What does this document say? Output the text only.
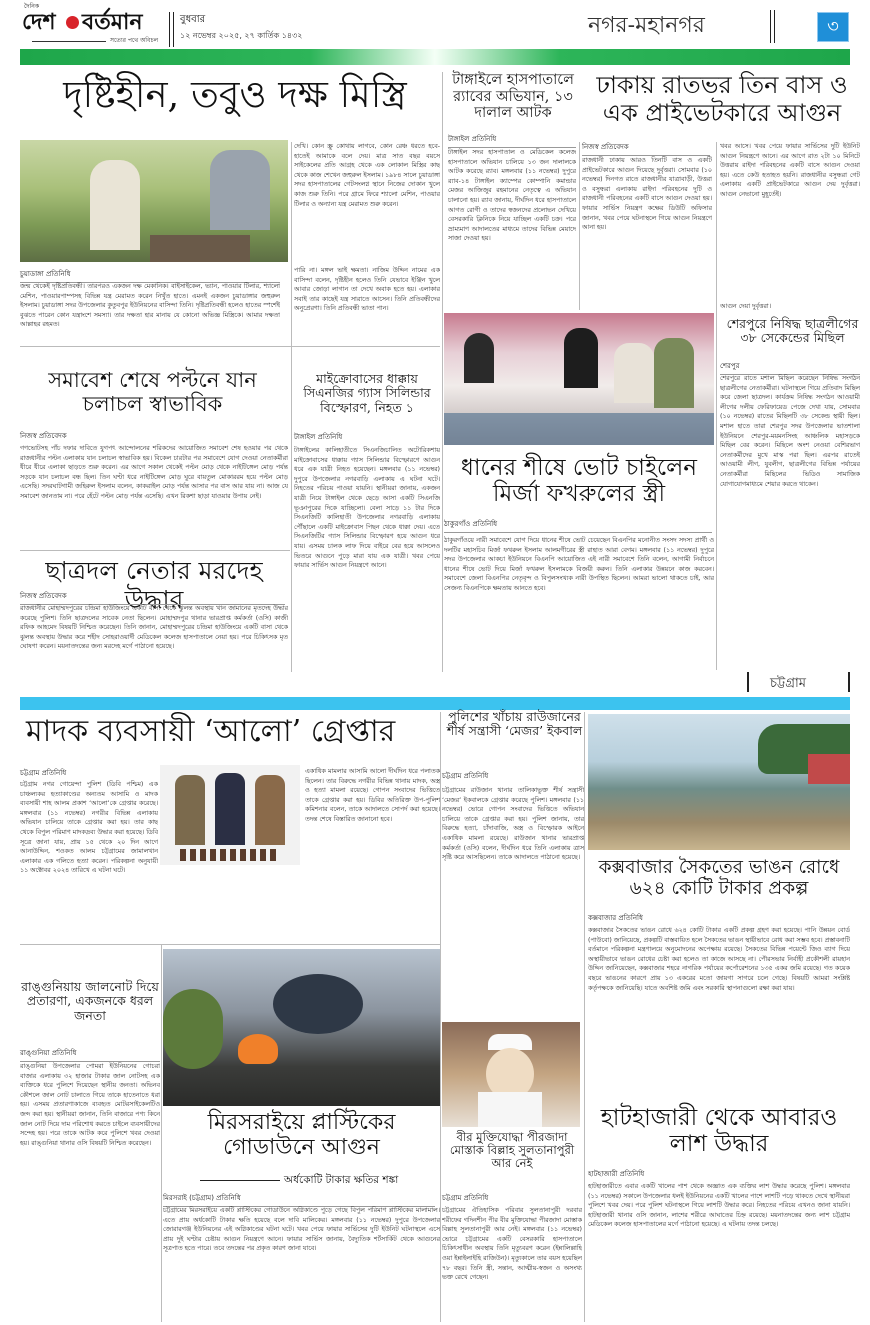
দৈনিক
দেশ বর্তমান
সত্যের পথে অবিচল
বুধবার
১২ নভেম্বর ২০২৫, ২৭ কার্তিক ১৪৩২	নগর-মহানগর	৩
দৃষ্টিহীন, তবুও দক্ষ মিস্ত্রি
চুয়াডাঙ্গা প্রতিনিধি
জন্ম থেকেই দৃষ্টিপ্রতিবন্ধী। তারপরও একজন দক্ষ মেকানিক। বাইসাইকেল, ভ্যান, পাওয়ার টিলার, শ্যালো মেশিন, পাওয়ারপাম্পসহ বিভিন্ন যন্ত্র মেরামত করেন নিখুঁত হাতে। এমনই একজন চুয়াডাঙ্গার জহুরুল ইসলাম। চুয়াডাঙ্গা সদর উপজেলার কুতুবপুর ইউনিয়নের বাসিন্দা তিনি। দৃষ্টিপ্রতিবন্ধী হলেও হাতের স্পর্শেই বুঝতে পারেন কোন যন্ত্রাংশে সমস্যা। তার দক্ষতা হার মানায় যে কোনো অভিজ্ঞ মিস্ত্রিকে। আমার দক্ষতা আল্লাহর রহমত।
দেখি। কোন স্ক্রু কোথায় লাগবে, কোন রেঞ্চ ধরতে হবে-হাতেই আমাকে বলে দেয়। মাত্র সাত বছর বয়সে সাইকেলের প্রতি আগ্রহ থেকে এক লোকাল মিস্ত্রির কাছ থেকে কাজ শেখেন জহুরুল ইসলাম। ১৯৮৪ সালে চুয়াডাঙ্গা সদর হাসপাতালের গেটসংলগ্ন স্থানে নিজের দোকান খুলে কাজ শুরু তিনি। পরে গ্রামে ফিরে শ্যালো মেশিন, পাওয়ার টিলার ও অন্যান্য যন্ত্র মেরামত শুরু করেন।
পারি না। মঙ্গল ভাই ক্ষমতা। নাজিম উদ্দিন নামের এক বাসিন্দা বলেন, দৃষ্টিহীন হলেও তিনি যেভাবে ইঞ্জিন খুলে আবার জোড়া লাগান তা দেখে অবাক হতে হয়। এলাকার সবাই তার কাছেই যন্ত্র সারাতে আসেন। তিনি প্রতিবন্ধীদের অনুপ্রেরণা। তিনি প্রতিবন্ধী ভাতা পান।
টাঙ্গাইলে হাসপাতালে র‌্যাবের অভিযান, ১৩ দালাল আটক
টাঙ্গাইল প্রতিনিধি
টাঙ্গাইল সদর হাসপাতাল ও মেডিকেল কলেজ হাসপাতালে অভিযান চালিয়ে ১৩ জন দালালকে আটক করেছে র‌্যাব। মঙ্গলবার (১১ নভেম্বর) দুপুরে র‌্যাব-১৪ টাঙ্গাইল ক্যাম্পের কোম্পানি কমান্ডার মেজর আজিজুর রহমানের নেতৃত্বে এ অভিযান চালানো হয়। র‌্যাব জানায়, দীর্ঘদিন ধরে হাসপাতালে আগত রোগী ও তাদের স্বজনদের প্রলোভন দেখিয়ে বেসরকারি ক্লিনিকে নিয়ে যাচ্ছিল একটি চক্র। পরে ভ্রাম্যমাণ আদালতের মাধ্যমে তাদের বিভিন্ন মেয়াদে সাজা দেওয়া হয়।
ঢাকায় রাতভর তিন বাস ও এক প্রাইভেটকারে আগুন
নিজস্ব প্রতিবেদক
রাজধানী ঢাকায় আরও তিনটি বাস ও একটি প্রাইভেটকারে আগুন দিয়েছে দুর্বৃত্তরা। সোমবার (১০ নভেম্বর) দিনগত রাতে রাজধানীর যাত্রাবাড়ী, উত্তরা ও বসুন্ধরা এলাকায় রাইদা পরিবহনের দুটি ও রাজধানী পরিবহনের একটি বাসে আগুন দেওয়া হয়। ফায়ার সার্ভিস নিয়ন্ত্রণ কক্ষের ডিউটি অফিসার জানান, খবর পেয়ে ঘটনাস্থলে গিয়ে আগুন নিয়ন্ত্রণে আনা হয়।
খবর আসে। খবর পেয়ে ফায়ার সার্ভিসের দুটি ইউনিট আগুন নিয়ন্ত্রণে আনে। এর আগে রাত ২টা ১০ মিনিটে উত্তরায় রাইদা পরিবহনের একটি বাসে আগুন দেওয়া হয়। এতে কেউ হতাহত হয়নি। রাজধানীর বসুন্ধরা গেট এলাকায় একটি প্রাইভেটকারে আগুন দেয় দুর্বৃত্তরা। আগুন নেভানো মুহূর্তেই।
আগুন দেয়া দুর্বৃত্তরা।
শেরপুরে নিষিদ্ধ ছাত্রলীগের ৩৮ সেকেন্ডের মিছিল
শেরপুর
শেরপুরে রাতে মশাল মিছিল করেছেন নিষিদ্ধ সংগঠন ছাত্রলীগের নেতাকর্মীরা। ঘটনাস্থলে গিয়ে প্রতিবাদ মিছিল করে জেলা ছাত্রদল। কার্যক্রম নিষিদ্ধ সংগঠন আওয়ামী লীগের দলীয় ফেরিফায়েড পেজে দেখা যায়, সোমবার (১০ নভেম্বর) রাতের মিছিলটি ৩৮ সেকেন্ড স্থায়ী ছিল। মশাল হাতে তারা শেরপুর সদর উপজেলার ভাতশালা ইউনিয়নে শেরপুর-ময়মনসিংহ আঞ্চলিক মহাসড়কে মিছিল বের করেন। মিছিলে অংশ নেওয়া বেশিরভাগ নেতাকর্মীদের মুখে মাস্ক পরা ছিল। এরপর রাতেই আওয়ামী লীগ, যুবলীগ, ছাত্রলীগের বিভিন্ন পর্যায়ের নেতাকর্মীরা মিছিলের ভিডিও সামাজিক যোগাযোগমাধ্যমে শেয়ার করতে থাকেন।
সমাবেশ শেষে পল্টনে যান চলাচল স্বাভাবিক
নিজস্ব প্রতিবেদক
গণভোটসহ পাঁচ দফার দাবিতে যুগপৎ আন্দোলনের শরিকদের আয়োজিত সমাবেশ শেষ হওয়ার পর থেকে রাজধানীর পল্টন এলাকায় যান চলাচল স্বাভাবিক হয়। বিকেল চারটার পর সমাবেশে যোগ দেওয়া নেতাকর্মীরা ধীরে ধীরে এলাকা ছাড়তে শুরু করেন। এর আগে সকাল থেকেই পল্টন মোড় থেকে নাইটিঙ্গেল মোড় পর্যন্ত সড়কে যান চলাচল বন্ধ ছিল। তিন ঘণ্টা ধরে নাইটিঙ্গেল মোড় ঘুরে বায়তুল মোকাররম হয়ে পল্টন মোড় এসেছি। সদরঘাটগামী জহিরুল ইসলাম বলেন, কাকরাইল মোড় পর্যন্ত আসার পর বাস আর যায় না। আজ যে সমাবেশ জানতাম না। পরে হেঁটে পল্টন মোড় পর্যন্ত এসেছি। এখন রিকশা ছাড়া যাওয়ার উপায় নেই।
মাইক্রোবাসের ধাক্কায় সিএনজির গ্যাস সিলিন্ডার বিস্ফোরণ, নিহত ১
টাঙ্গাইল প্রতিনিধি
টাঙ্গাইলের কালিহাতীতে সিএনজিচালিত অটোরিকশায় মাইক্রোবাসের ধাক্কায় গ্যাস সিলিন্ডার বিস্ফোরণে আগুন ধরে এক যাত্রী নিহত হয়েছেন। মঙ্গলবার (১১ নভেম্বর) দুপুরে উপজেলার নগরবাড়ি এলাকায় এ ঘটনা ঘটে। নিহতের পরিচয় পাওয়া যায়নি। স্থানীয়রা জানায়, একজন যাত্রী নিয়ে টাঙ্গাইল থেকে ছেড়ে আসা একটি সিএনজি ভূঞাপুরের দিকে যাচ্ছিলো। বেলা সাড়ে ১১ টার দিকে সিএনজিটি কালিহাতী উপজেলার নগরবাড়ি এলাকায় পৌঁছালে একটি মাইক্রোবাস পিছন থেকে ধাক্কা দেয়। এতে সিএনজিটির গ্যাস সিলিন্ডার বিস্ফোরণ হয়ে আগুন ধরে যায়। এসময় চালক লাফ দিয়ে বাইরে বের হয়ে আসলেও ভিতরে আগুনে পুড়ে মারা যায় এক যাত্রী। খবর পেয়ে ফায়ার সার্ভিস আগুন নিয়ন্ত্রণে আনে।
ছাত্রদল নেতার মরদেহ উদ্ধার
নিজস্ব প্রতিবেদক
রাজধানীর মোহাম্মদপুরের চন্দ্রিমা হাউজিংয়ে একটি বাসা থেকে ঝুলন্ত অবস্থায় খান জামানের মৃতদেহ উদ্ধার করেছে পুলিশ। তিনি ছাত্রদলের সাবেক নেতা ছিলেন। মোহাম্মদপুর থানার ভারপ্রাপ্ত কর্মকর্তা (ওসি) কাজী রফিক আহমেদ বিষয়টি নিশ্চিত করেছেন। তিনি জানান, মোহাম্মদপুরের চন্দ্রিমা হাউজিংয়ে একটি বাসা থেকে ঝুলন্ত অবস্থায় উদ্ধার করে শহীদ সোহরাওয়ার্দী মেডিকেল কলেজ হাসপাতালে নেয়া হয়। পরে চিকিৎসক মৃত ঘোষণা করেন। ময়নাতদন্তের জন্য মরদেহ মর্গে পাঠানো হয়েছে।
ধানের শীষে ভোট চাইলেন মির্জা ফখরুলের স্ত্রী
ঠাকুরগাঁও প্রতিনিধি
ঠাকুরগাঁওয়ে নারী সমাবেশে যোগ দিয়ে ধানের শীষে ভোট চেয়েছেন বিএনপির মনোনীত সংসদ সদস্য প্রার্থী ও দলটির মহাসচিব মির্জা ফখরুল ইসলাম আলমগীরের স্ত্রী রাহাত আরা বেগম। মঙ্গলবার (১১ নভেম্বর) দুপুরে সদর উপজেলার আকচা ইউনিয়নে বিএনপি আয়োজিত এই নারী সমাবেশে তিনি বলেন, আগামী নির্বাচনে ধানের শীষে ভোট দিয়ে মির্জা ফখরুল ইসলামকে বিজয়ী করুন। তিনি এলাকার উন্নয়নে কাজ করবেন। সমাবেশে জেলা বিএনপির নেতৃবৃন্দ ও বিপুলসংখ্যক নারী উপস্থিত ছিলেন। আমরা ভালো থাকতে চাই, আর সেজন্য বিএনপিকে ক্ষমতায় আনতে হবে।
চট্টগ্রাম
মাদক ব্যবসায়ী ‘আলো’ গ্রেপ্তার
চট্টগ্রাম প্রতিনিধি
চট্টগ্রাম নগর গোয়েন্দা পুলিশ (ডিবি পশ্চিম) এক চাঞ্চল্যকর হত্যাকাণ্ডের অন্যতম আসামি ও মাদক ব্যবসায়ী শাহ আলম প্রকাশ ‘আলো’কে গ্রেপ্তার করেছে। মঙ্গলবার (১১ নভেম্বর) নগরীর বিভিন্ন এলাকায় অভিযান চালিয়ে তাকে গ্রেপ্তার করা হয়। তার কাছ থেকে বিপুল পরিমাণ মাদকদ্রব্য উদ্ধার করা হয়েছে। ডিবি সূত্রে জানা যায়, প্রায় ১৫ থেকে ২০ দিন আগে আনাউদ্দিন, শওকত আলম চট্টগ্রামের জামালখান এলাকার এক গলিতে হত্যা করেন। পরিকল্পনা অনুযায়ী ১১ অক্টোবর ২০২৪ তারিখে এ ঘটনা ঘটে।
একাধিক মামলার আসামি আলো দীর্ঘদিন ধরে পলাতক ছিলেন। তার বিরুদ্ধে নগরীর বিভিন্ন থানায় মাদক, অস্ত্র ও হত্যা মামলা রয়েছে। গোপন সংবাদের ভিত্তিতে তাকে গ্রেপ্তার করা হয়। ডিবির অতিরিক্ত উপ-পুলিশ কমিশনার বলেন, তাকে আদালতে সোপর্দ করা হয়েছে। তদন্ত শেষে বিস্তারিত জানানো হবে।
পুলিশের খাঁচায় রাউজানের শীর্ষ সন্ত্রাসী ‘মেজর’ ইকবাল
চট্টগ্রাম প্রতিনিধি
চট্টগ্রামের রাউজান থানার তালিকাভুক্ত শীর্ষ সন্ত্রাসী ‘মেজর’ ইকবালকে গ্রেপ্তার করেছে পুলিশ। মঙ্গলবার (১১ নভেম্বর) ভোরে গোপন সংবাদের ভিত্তিতে অভিযান চালিয়ে তাকে গ্রেপ্তার করা হয়। পুলিশ জানায়, তার বিরুদ্ধে হত্যা, চাঁদাবাজি, অস্ত্র ও বিস্ফোরক আইনে একাধিক মামলা রয়েছে। রাউজান থানার ভারপ্রাপ্ত কর্মকর্তা (ওসি) বলেন, দীর্ঘদিন ধরে তিনি এলাকায় ত্রাস সৃষ্টি করে আসছিলেন। তাকে আদালতে পাঠানো হয়েছে।	কক্সবাজার সৈকতের ভাঙন রোধে ৬২৪ কোটি টাকার প্রকল্প
কক্সবাজার প্রতিনিধি
কক্সবাজার সৈকতের ভাঙন রোধে ৬২৪ কোটি টাকার একটি প্রকল্প গ্রহণ করা হয়েছে। পানি উন্নয়ন বোর্ড (পাউবো) জানিয়েছে, প্রকল্পটি বাস্তবায়িত হলে সৈকতের ভাঙন স্থায়ীভাবে রোধ করা সম্ভব হবে। প্রস্তাবনাটি বর্তমানে পরিকল্পনা মন্ত্রণালয়ে অনুমোদনের অপেক্ষায় রয়েছে। সৈকতের বিভিন্ন পয়েন্টে জিও ব্যাগ দিয়ে অস্থায়ীভাবে ভাঙন রোধের চেষ্টা করা হলেও তা কাজে আসছে না। পৌরসভার নির্বাহী প্রকৌশলী রায়হান উদ্দিন জানিয়েছেন, কক্সবাজার শহরে নাগরিক পর্যায়ের কর্পোরেশনের ১৩৫ একর জমি রয়েছে। গত কয়েক বছরে ভাঙনের কারণে প্রায় ১৩ একরের মতো জায়গা সাগরে চলে গেছে। বিষয়টি আমরা সংশ্লিষ্ট কর্তৃপক্ষকে জানিয়েছি। যাতে অবশিষ্ট জমি এবং সরকারি স্থাপনাগুলো রক্ষা করা যায়।
রাঙ্গুনিয়ায় জালনোট দিয়ে প্রতারণা, একজনকে ধরল জনতা
রাঙ্গুনিয়া প্রতিনিধি
রাঙ্গুনিয়া উপজেলার পোমরা ইউনিয়নের গোচরা বাজার এলাকায় ৩২ হাজার টাকার জাল নোটসহ এক ব্যক্তিকে ধরে পুলিশে দিয়েছেন স্থানীয় জনতা। অভিনব কৌশলে জাল নোট চালাতে গিয়ে তাকে হাতেনাতে ধরা হয়। এসময় প্রতারণাকাজে ব্যবহৃত মোটরসাইকেলটিও জব্দ করা হয়। স্থানীয়রা জানান, তিনি বাজারে পণ্য কিনে জাল নোট দিয়ে দাম পরিশোধ করতে চাইলে ব্যবসায়ীদের সন্দেহ হয়। পরে তাকে আটক করে পুলিশে খবর দেওয়া হয়। রাঙ্গুনিয়া থানার ওসি বিষয়টি নিশ্চিত করেছেন।
মিরসরাইয়ে প্লাস্টিকের গোডাউনে আগুন
অর্ধকোটি টাকার ক্ষতির শঙ্কা
মিরসরাই (চট্টগ্রাম) প্রতিনিধি
চট্টগ্রামের মিরসরাইয়ে একটি প্লাস্টিকের গোডাউনে অগ্নিকাণ্ডে পুড়ে গেছে বিপুল পরিমাণ প্লাস্টিকের মালামাল। এতে প্রায় অর্ধকোটি টাকার ক্ষতি হয়েছে বলে দাবি মালিকের। মঙ্গলবার (১১ নভেম্বর) দুপুরে উপজেলার জোরারগঞ্জ ইউনিয়নের এই অগ্নিকাণ্ডের ঘটনা ঘটে। খবর পেয়ে ফায়ার সার্ভিসের দুটি ইউনিট ঘটনাস্থলে এসে প্রায় দুই ঘণ্টার চেষ্টায় আগুন নিয়ন্ত্রণে আনে। ফায়ার সার্ভিস জানায়, বৈদ্যুতিক শর্টসার্কিট থেকে আগুনের সূত্রপাত হতে পারে। তবে তদন্তের পর প্রকৃত কারণ জানা যাবে।
বীর মুক্তিযোদ্ধা পীরজাদা মোস্তাক বিল্লাহ সুলতানাপুরী আর নেই
চট্টগ্রাম প্রতিনিধি
চট্টগ্রামের ঐতিহাসিক পরিবার সুলতানাপুরী দরবার শরীফের গদিনশীন পীর বীর মুক্তিযোদ্ধা পীরজাদা মোস্তাক বিল্লাহ সুলতানাপুরী আর নেই। মঙ্গলবার (১১ নভেম্বর) ভোরে চট্টগ্রামের একটি বেসরকারি হাসপাতালে চিকিৎসাধীন অবস্থায় তিনি মৃত্যুবরণ করেন (ইন্নালিল্লাহি ওয়া ইন্নাইলাইহি রাজিউন)। মৃত্যুকালে তার বয়স হয়েছিল ৭৮ বছর। তিনি স্ত্রী, সন্তান, আত্মীয়-স্বজন ও অসংখ্য ভক্ত রেখে গেছেন।
হাটহাজারী থেকে আবারও লাশ উদ্ধার
হাটহাজারী প্রতিনিধি
হাটহাজারীতে এবার একটি খালের পাশ থেকে অজ্ঞাত এক ব্যক্তির লাশ উদ্ধার করেছে পুলিশ। মঙ্গলবার (১১ নভেম্বর) সকালে উপজেলার ধলই ইউনিয়নের একটি খালের পাশে লাশটি পড়ে থাকতে দেখে স্থানীয়রা পুলিশে খবর দেয়। পরে পুলিশ ঘটনাস্থলে গিয়ে লাশটি উদ্ধার করে। নিহতের পরিচয় এখনও জানা যায়নি। হাটহাজারী থানার ওসি জানান, লাশের শরীরে আঘাতের চিহ্ন রয়েছে। ময়নাতদন্তের জন্য লাশ চট্টগ্রাম মেডিকেল কলেজ হাসপাতালের মর্গে পাঠানো হয়েছে। এ ঘটনায় তদন্ত চলছে।
